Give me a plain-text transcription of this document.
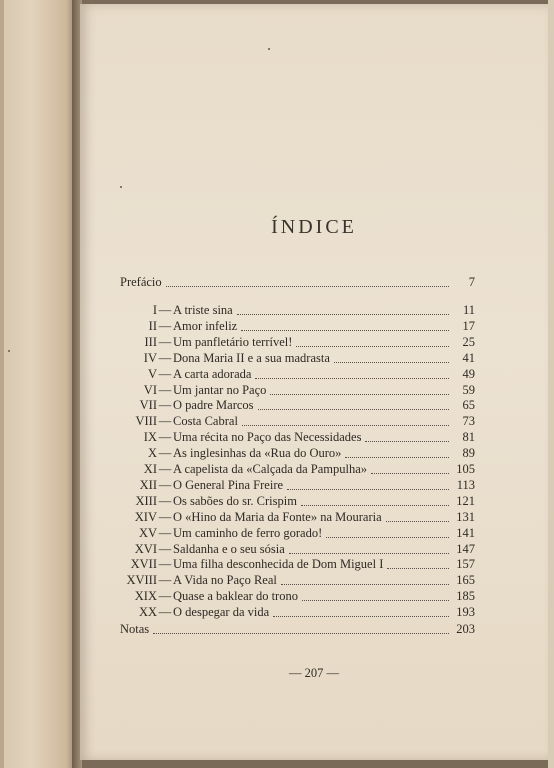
ÍNDICE
Prefácio	7
I — A triste sina	11
II — Amor infeliz	17
III — Um panfletário terrível!	25
IV — Dona Maria II e a sua madrasta	41
V — A carta adorada	49
VI — Um jantar no Paço	59
VII — O padre Marcos	65
VIII — Costa Cabral	73
IX — Uma récita no Paço das Necessidades	81
X — As inglesinhas da «Rua do Ouro»	89
XI — A capelista da «Calçada da Pampulha»	105
XII — O General Pina Freire	113
XIII — Os sabões do sr. Crispim	121
XIV — O «Hino da Maria da Fonte» na Mouraria	131
XV — Um caminho de ferro gorado!	141
XVI — Saldanha e o seu sósia	147
XVII — Uma filha desconhecida de Dom Miguel I	157
XVIII — A Vida no Paço Real	165
XIX — Quase a baklear do trono	185
XX — O despegar da vida	193
Notas	203
— 207 —
